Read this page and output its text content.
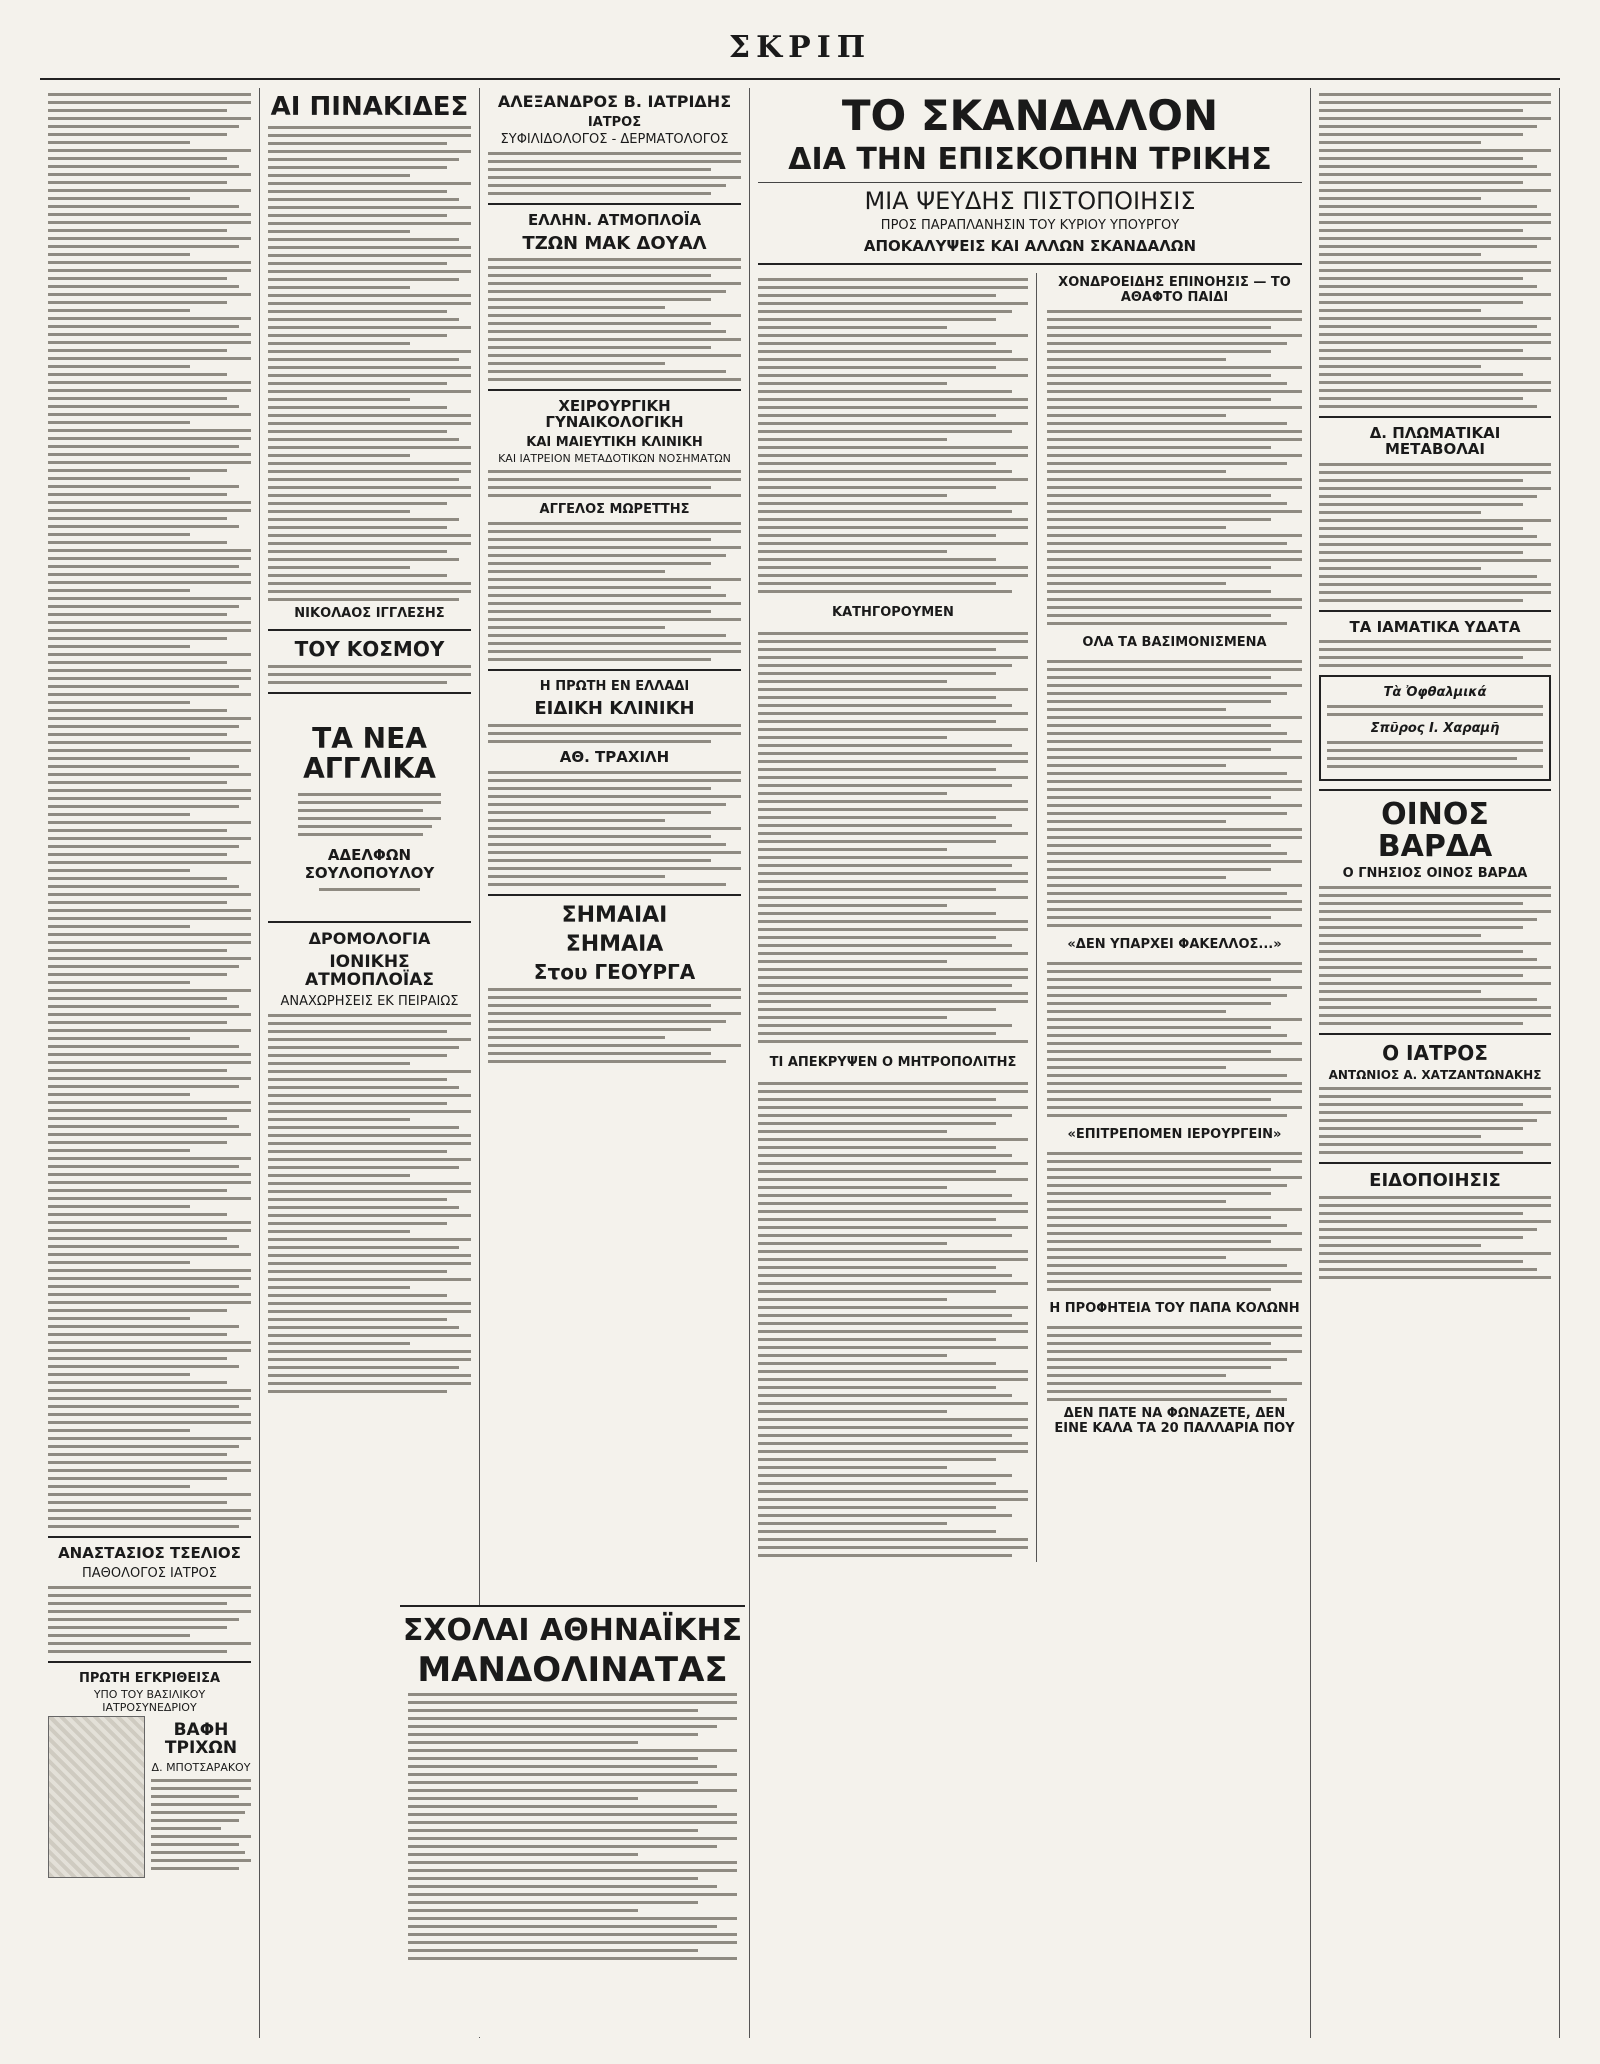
ΣΚΡΙΠ
ΑΝΑΣΤΑΣΙΟΣ ΤΣΕΛΙΟΣ
ΠΑΘΟΛΟΓΟΣ ΙΑΤΡΟΣ
ΠΡΩΤΗ ΕΓΚΡΙΘΕΙΣΑ
ΥΠΟ ΤΟΥ ΒΑΣΙΛΙΚΟΥ ΙΑΤΡΟΣΥΝΕΔΡΙΟΥ
ΒΑΦΗ ΤΡΙΧΩΝ
Δ. ΜΠΟΤΣΑΡΑΚΟΥ
ΑΙ ΠΙΝΑΚΙΔΕΣ
ΝΙΚΟΛΑΟΣ ΙΓΓΛΕΣΗΣ
ΤΟΥ ΚΟΣΜΟΥ
ΤΑ ΝΕΑ ΑΓΓΛΙΚΑ
ΑΔΕΛΦΩΝ ΣΟΥΛΟΠΟΥΛΟΥ
ΔΡΟΜΟΛΟΓΙΑ
ΙΟΝΙΚΗΣ ΑΤΜΟΠΛΟΪΑΣ
ΑΝΑΧΩΡΗΣΕΙΣ ΕΚ ΠΕΙΡΑΙΩΣ
ΑΛΕΞΑΝΔΡΟΣ Β. ΙΑΤΡΙΔΗΣ
ΙΑΤΡΟΣ
ΣΥΦΙΛΙΔΟΛΟΓΟΣ - ΔΕΡΜΑΤΟΛΟΓΟΣ
ΕΛΛΗΝ. ΑΤΜΟΠΛΟΪΑ
ΤΖΩΝ ΜΑΚ ΔΟΥΑΛ
ΧΕΙΡΟΥΡΓΙΚΗ ΓΥΝΑΙΚΟΛΟΓΙΚΗ
ΚΑΙ ΜΑΙΕΥΤΙΚΗ ΚΛΙΝΙΚΗ
ΚΑΙ ΙΑΤΡΕΙΟΝ ΜΕΤΑΔΟΤΙΚΩΝ ΝΟΣΗΜΑΤΩΝ
ΑΓΓΕΛΟΣ ΜΩΡΕΤΤΗΣ
Η ΠΡΩΤΗ ΕΝ ΕΛΛΑΔΙ
ΕΙΔΙΚΗ ΚΛΙΝΙΚΗ
ΑΘ. ΤΡΑΧΙΛΗ
ΣΗΜΑΙΑΙ
ΣΗΜΑΙΑ
Στου ΓΕΟΥΡΓΑ
ΣΧΟΛΑΙ ΑΘΗΝΑΪΚΗΣ
ΜΑΝΔΟΛΙΝΑΤΑΣ
ΤΟ ΣΚΑΝΔΑΛΟΝ
ΔΙΑ ΤΗΝ ΕΠΙΣΚΟΠΗΝ ΤΡΙΚΗΣ
ΜΙΑ ΨΕΥΔΗΣ ΠΙΣΤΟΠΟΙΗΣΙΣ
ΠΡΟΣ ΠΑΡΑΠΛΑΝΗΣΙΝ ΤΟΥ ΚΥΡΙΟΥ ΥΠΟΥΡΓΟΥ
ΑΠΟΚΑΛΥΨΕΙΣ ΚΑΙ ΑΛΛΩΝ ΣΚΑΝΔΑΛΩΝ
ΚΑΤΗΓΟΡΟΥΜΕΝ
ΤΙ ΑΠΕΚΡΥΨΕΝ Ο ΜΗΤΡΟΠΟΛΙΤΗΣ
ΧΟΝΔΡΟΕΙΔΗΣ ΕΠΙΝΟΗΣΙΣ — ΤΟ ΑΘΑΦΤΟ ΠΑΙΔΙ
ΟΛΑ ΤΑ ΒΑΣΙΜΟΝΙΣΜΕΝΑ
«ΔΕΝ ΥΠΑΡΧΕΙ ΦΑΚΕΛΛΟΣ...»
«ΕΠΙΤΡΕΠΟΜΕΝ ΙΕΡΟΥΡΓΕΙΝ»
Η ΠΡΟΦΗΤΕΙΑ ΤΟΥ ΠΑΠΑ ΚΟΛΩΝΗ
ΔΕΝ ΠΑΤΕ ΝΑ ΦΩΝΑΖΕΤΕ, ΔΕΝ ΕΙΝΕ ΚΑΛΑ ΤΑ 20 ΠΑΛΛΑΡΙΑ ΠΟΥ
Δ. ΠΛΩΜΑΤΙΚΑΙ ΜΕΤΑΒΟΛΑΙ
ΤΑ ΙΑΜΑΤΙΚΑ ΥΔΑΤΑ
Τὰ Ὀφθαλμικά
Σπῦρος Ι. Χαραμῆ
ΟΙΝΟΣ ΒΑΡΔΑ
Ο ΓΝΗΣΙΟΣ ΟΙΝΟΣ ΒΑΡΔΑ
Ο ΙΑΤΡΟΣ
ΑΝΤΩΝΙΟΣ Α. ΧΑΤΖΑΝΤΩΝΑΚΗΣ
ΕΙΔΟΠΟΙΗΣΙΣ
